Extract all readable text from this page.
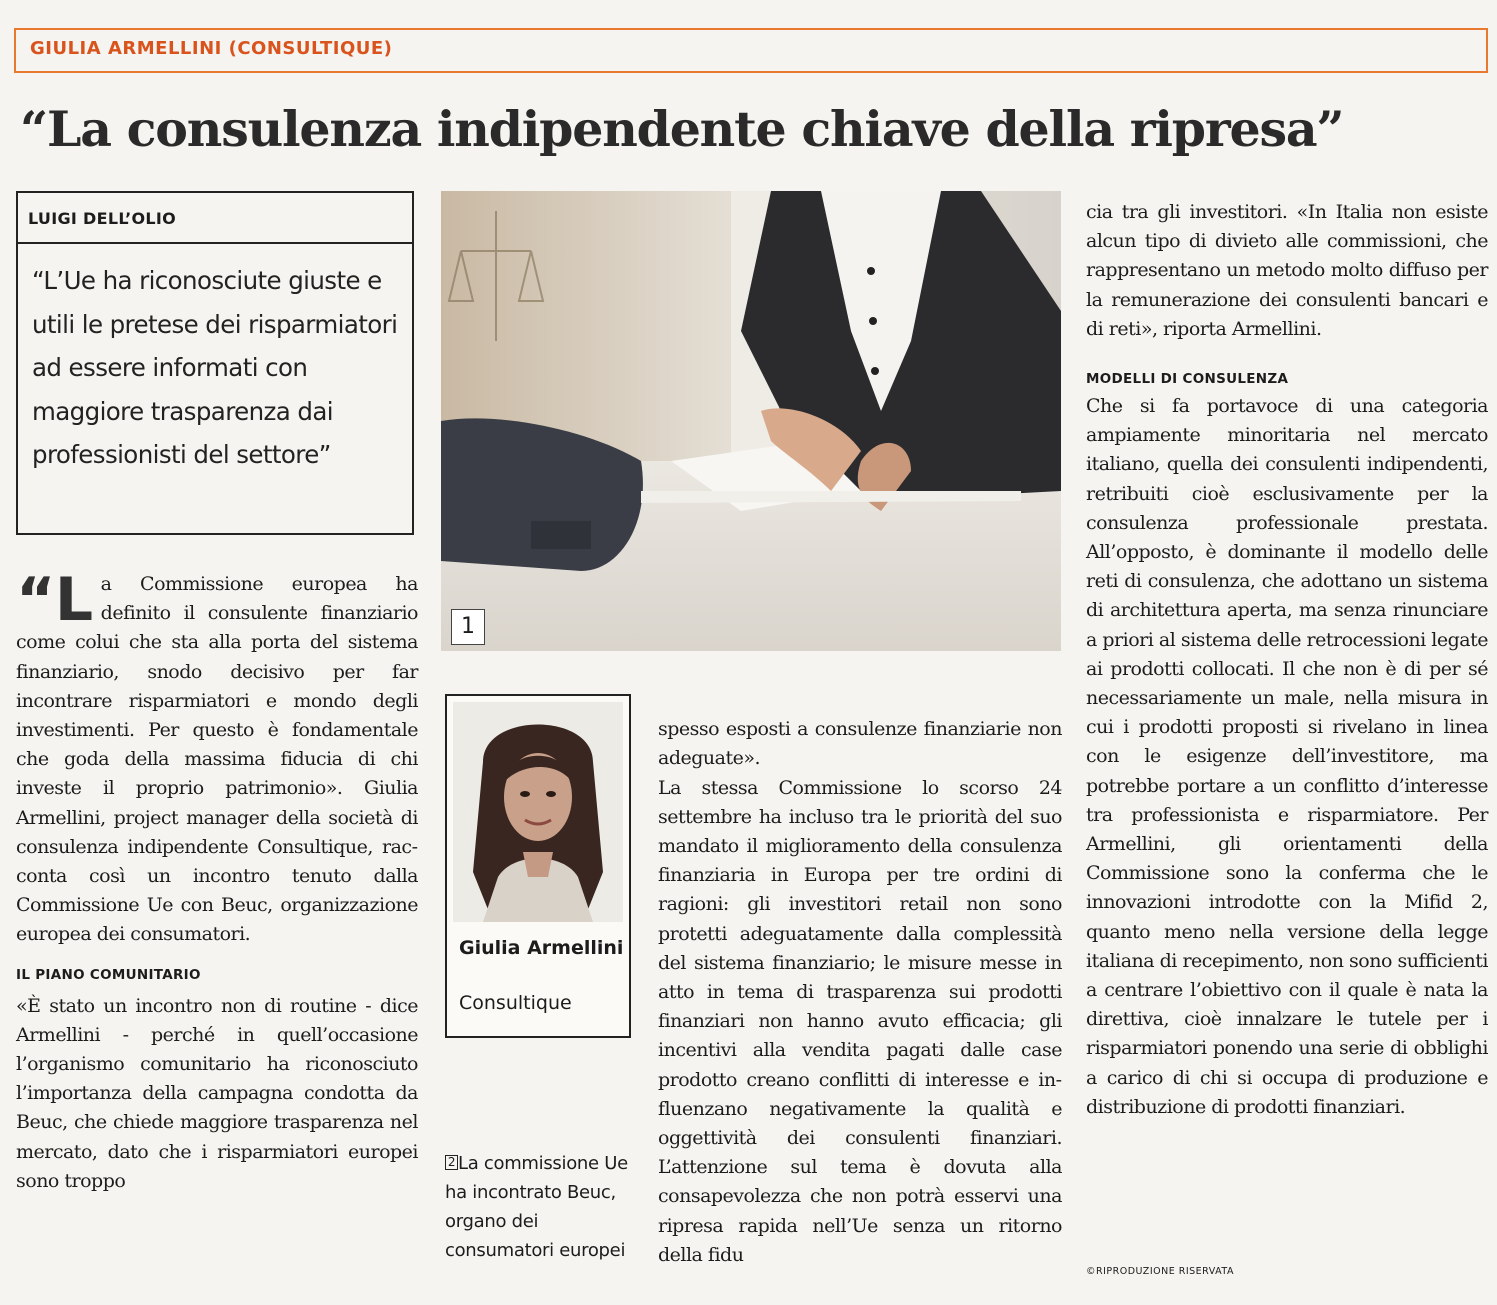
GIULIA ARMELLINI (CONSULTIQUE)
“La consulenza indipendente chiave della ripresa”
LUIGI DELL’OLIO
“L’Ue ha riconosciute giuste e utili le pretese dei risparmiatori ad essere informati con maggiore trasparenza dai professionisti del settore”

“L a Commissione europea ha definito il consulente finanziario come colui che sta alla porta del sistema finanziario, snodo decisivo per far incontrare risparmiatori e mondo degli investimenti. Per questo è fondamentale che goda della massima fiducia di chi investe il proprio patrimonio». Giulia Armellini, project manager della società di consulenza indipendente Consultique, racconta così un incontro tenuto dalla Commissione Ue con Beuc, organizzazione europea dei consumatori.

IL PIANO COMUNITARIO

«È stato un incontro non di routine - dice Armellini - perché in quell’occasione l’organismo comunitario ha riconosciuto l’importanza della campagna condotta da Beuc, che chiede maggiore trasparenza nel mercato, dato che i risparmiatori europei sono troppo

1
Giulia Armellini
Consultique
2 La commissione Ue ha incontrato Beuc, organo dei consumatori europei

spesso esposti a consulenze finanziarie non adeguate».
La stessa Commissione lo scorso 24 settembre ha incluso tra le priorità del suo mandato il miglioramento della consulenza finanziaria in Europa per tre ordini di ragioni: gli investitori retail non sono protetti adeguatamente dalla complessità del sistema finanziario; le misure messe in atto in tema di trasparenza sui prodotti finanziari non hanno avuto efficacia; gli incentivi alla vendita pagati dalle case prodotto creano conflitti di interesse e influenzano negativamente la qualità e oggettività dei consulenti finanziari. L’attenzione sul tema è dovuta alla consapevolezza che non potrà esservi una ripresa rapida nell’Ue senza un ritorno della fidu

cia tra gli investitori. «In Italia non esiste alcun tipo di divieto alle commissioni, che rappresentano un metodo molto diffuso per la remunerazione dei consulenti bancari e di reti», riporta Armellini.

MODELLI DI CONSULENZA

Che si fa portavoce di una categoria ampiamente minoritaria nel mercato italiano, quella dei consulenti indipendenti, retribuiti cioè esclusivamente per la consulenza professionale prestata. All’opposto, è dominante il modello delle reti di consulenza, che adottano un sistema di architettura aperta, ma senza rinunciare a priori al sistema delle retrocessioni legate ai prodotti collocati. Il che non è di per sé necessariamente un male, nella misura in cui i prodotti proposti si rivelano in linea con le esigenze dell’investitore, ma potrebbe portare a un conflitto d’interesse tra professionista e risparmiatore. Per Armellini, gli orientamenti della Commissione sono la conferma che le innovazioni introdotte con la Mifid 2, quanto meno nella versione della legge italiana di recepimento, non sono sufficienti a centrare l’obiettivo con il quale è nata la direttiva, cioè innalzare le tutele per i risparmiatori ponendo una serie di obblighi a carico di chi si occupa di produzione e distribuzione di prodotti finanziari.

©RIPRODUZIONE RISERVATA
